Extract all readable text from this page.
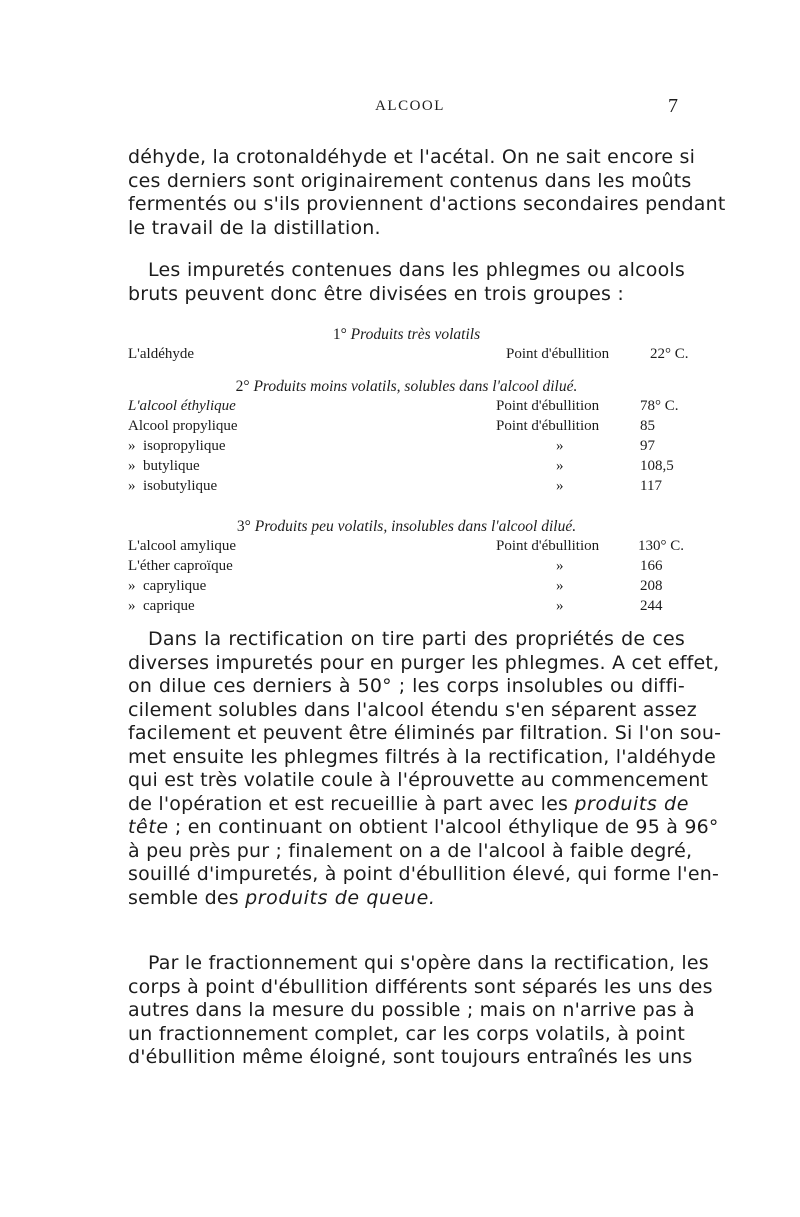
ALCOOL	7
déhyde, la crotonaldéhyde et l'acétal. On ne sait encore si
ces derniers sont originairement contenus dans les moûts
fermentés ou s'ils proviennent d'actions secondaires pendant
le travail de la distillation.
Les impuretés contenues dans les phlegmes ou alcools
bruts peuvent donc être divisées en trois groupes :
1° Produits très volatils
L'aldéhyde	Point d'ébullition	22° C.
2° Produits moins volatils, solubles dans l'alcool dilué.
L'alcool éthylique	Point d'ébullition	78° C.
Alcool propylique	Point d'ébullition	85
»  isopropylique	»	97
»  butylique	»	108,5
»  isobutylique	»	117
3° Produits peu volatils, insolubles dans l'alcool dilué.
L'alcool amylique	Point d'ébullition	130° C.
L'éther caproïque	»	166
»  caprylique	»	208
»  caprique	»	244
Dans la rectification on tire parti des propriétés de ces
diverses impuretés pour en purger les phlegmes. A cet effet,
on dilue ces derniers à 50° ; les corps insolubles ou diffi-
cilement solubles dans l'alcool étendu s'en séparent assez
facilement et peuvent être éliminés par filtration. Si l'on sou-
met ensuite les phlegmes filtrés à la rectification, l'aldéhyde
qui est très volatile coule à l'éprouvette au commencement
de l'opération et est recueillie à part avec les produits de
tête ; en continuant on obtient l'alcool éthylique de 95 à 96°
à peu près pur ; finalement on a de l'alcool à faible degré,
souillé d'impuretés, à point d'ébullition élevé, qui forme l'en-
semble des produits de queue.
Par le fractionnement qui s'opère dans la rectification, les
corps à point d'ébullition différents sont séparés les uns des
autres dans la mesure du possible ; mais on n'arrive pas à
un fractionnement complet, car les corps volatils, à point
d'ébullition même éloigné, sont toujours entraînés les uns
